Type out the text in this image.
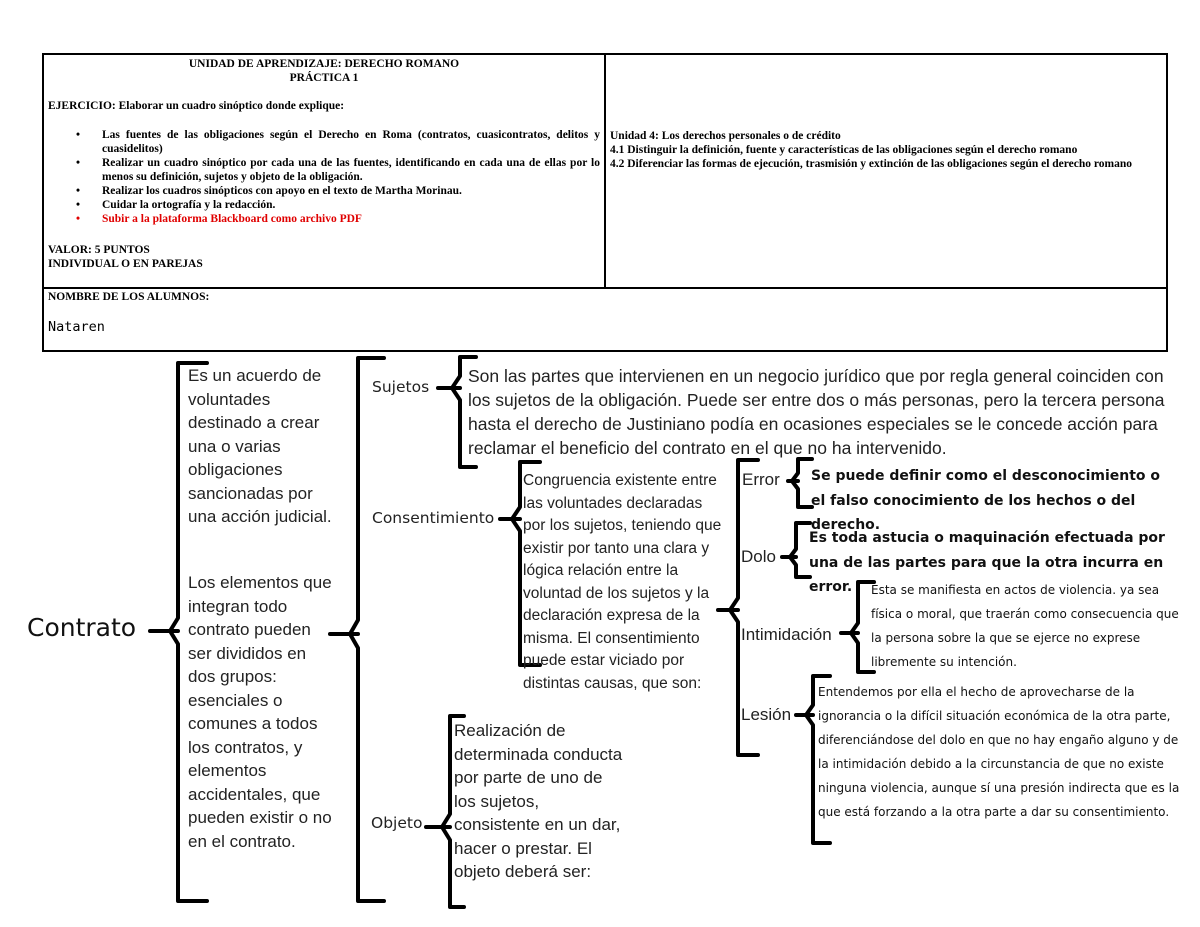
UNIDAD DE APRENDIZAJE: DERECHO ROMANO
PRÁCTICA 1
EJERCICIO: Elaborar un cuadro sinóptico donde explique:
• Las fuentes de las obligaciones según el Derecho en Roma (contratos, cuasicontratos, delitos y cuasidelitos)
• Realizar un cuadro sinóptico por cada una de las fuentes, identificando en cada una de ellas por lo menos su definición, sujetos y objeto de la obligación.
• Realizar los cuadros sinópticos con apoyo en el texto de Martha Morinau.
• Cuidar la ortografía y la redacción.
• Subir a la plataforma Blackboard como archivo PDF
VALOR: 5 PUNTOS
INDIVIDUAL O EN PAREJAS
Unidad 4: Los derechos personales o de crédito
4.1 Distinguir la definición, fuente y características de las obligaciones según el derecho romano
4.2 Diferenciar las formas de ejecución, trasmisión y extinción de las obligaciones según el derecho romano
NOMBRE DE LOS ALUMNOS:
Nataren
Contrato
Es un acuerdo de voluntades destinado a crear una o varias obligaciones sancionadas por una acción judicial.
Los elementos que integran todo contrato pueden ser divididos en dos grupos: esenciales o comunes a todos los contratos, y elementos accidentales, que pueden existir o no en el contrato.
Sujetos
Son las partes que intervienen en un negocio jurídico que por regla general coinciden con los sujetos de la obligación. Puede ser entre dos o más personas, pero la tercera persona hasta el derecho de Justiniano podía en ocasiones especiales se le concede acción para reclamar el beneficio del contrato en el que no ha intervenido.
Consentimiento
Congruencia existente entre las voluntades declaradas por los sujetos, teniendo que existir por tanto una clara y lógica relación entre la voluntad de los sujetos y la declaración expresa de la misma. El consentimiento puede estar viciado por distintas causas, que son:
Objeto
Realización de determinada conducta por parte de uno de los sujetos, consistente en un dar, hacer o prestar. El objeto deberá ser:
Error Se puede definir como el desconocimiento o el falso conocimiento de los hechos o del derecho.
Dolo
Es toda astucia o maquinación efectuada por una de las partes para que la otra incurra en error.
Intimidación
Ésta se manifiesta en actos de violencia. ya sea física o moral, que traerán como consecuencia que la persona sobre la que se ejerce no exprese libremente su intención.
Lesión
Entendemos por ella el hecho de aprovecharse de la ignorancia o la difícil situación económica de la otra parte, diferenciándose del dolo en que no hay engaño alguno y de la intimidación debido a la circunstancia de que no existe ninguna violencia, aunque sí una presión indirecta que es la que está forzando a la otra parte a dar su consentimiento.
